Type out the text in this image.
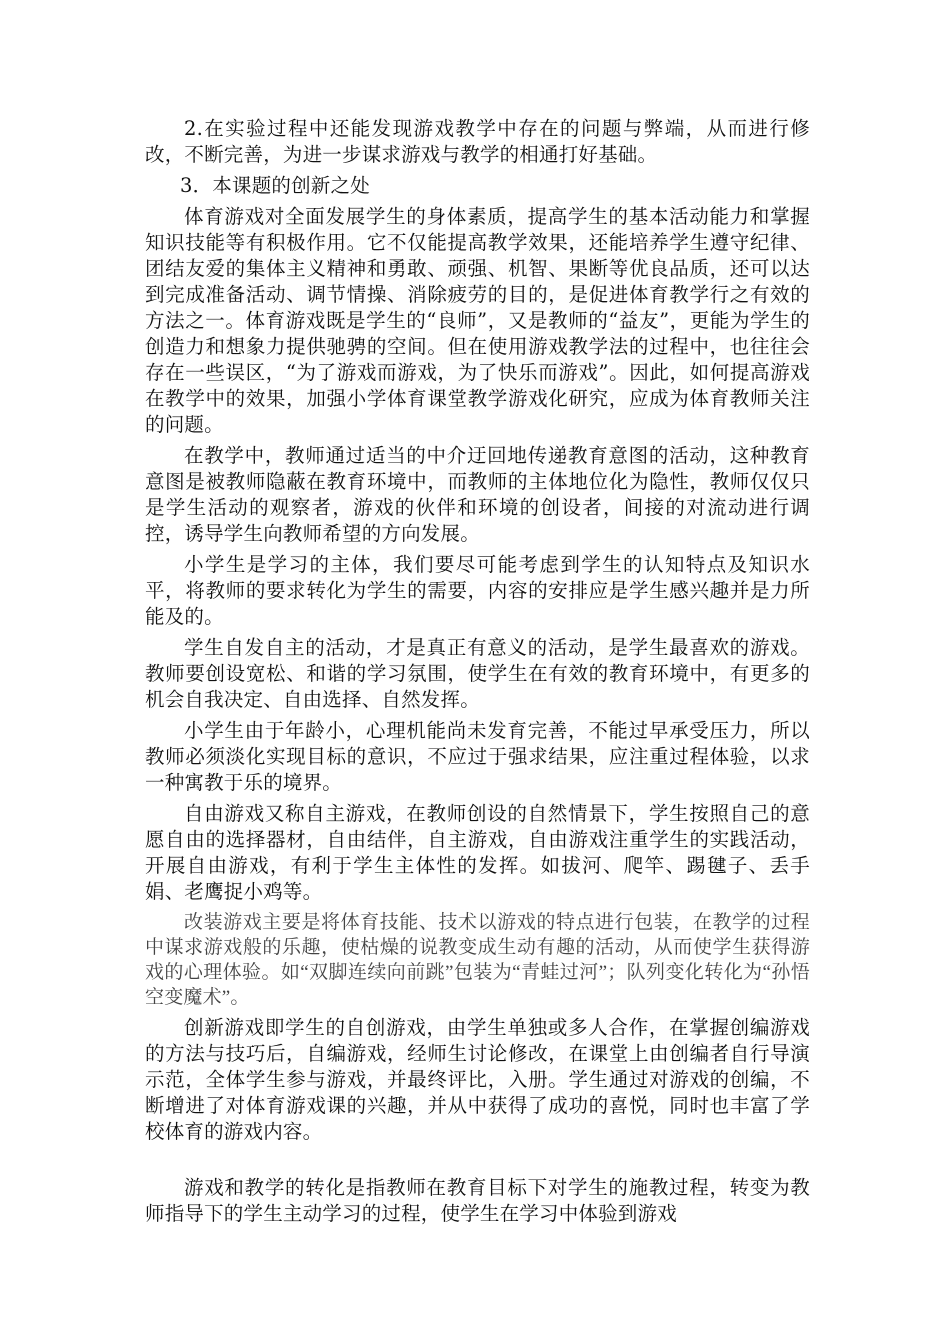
2.在实验过程中还能发现游戏教学中存在的问题与弊端，从而进行修改，不断完善，为进一步谋求游戏与教学的相通打好基础。

3．本课题的创新之处

体育游戏对全面发展学生的身体素质，提高学生的基本活动能力和掌握知识技能等有积极作用。它不仅能提高教学效果，还能培养学生遵守纪律、团结友爱的集体主义精神和勇敢、顽强、机智、果断等优良品质，还可以达到完成准备活动、调节情操、消除疲劳的目的，是促进体育教学行之有效的方法之一。体育游戏既是学生的“良师”，又是教师的“益友”，更能为学生的创造力和想象力提供驰骋的空间。但在使用游戏教学法的过程中，也往往会存在一些误区，“为了游戏而游戏，为了快乐而游戏”。因此，如何提高游戏在教学中的效果，加强小学体育课堂教学游戏化研究，应成为体育教师关注的问题。

在教学中，教师通过适当的中介迂回地传递教育意图的活动，这种教育意图是被教师隐蔽在教育环境中，而教师的主体地位化为隐性，教师仅仅只是学生活动的观察者，游戏的伙伴和环境的创设者，间接的对流动进行调控，诱导学生向教师希望的方向发展。

小学生是学习的主体，我们要尽可能考虑到学生的认知特点及知识水平，将教师的要求转化为学生的需要，内容的安排应是学生感兴趣并是力所能及的。

学生自发自主的活动，才是真正有意义的活动，是学生最喜欢的游戏。教师要创设宽松、和谐的学习氛围，使学生在有效的教育环境中，有更多的机会自我决定、自由选择、自然发挥。

小学生由于年龄小，心理机能尚未发育完善，不能过早承受压力，所以教师必须淡化实现目标的意识，不应过于强求结果，应注重过程体验，以求一种寓教于乐的境界。

自由游戏又称自主游戏，在教师创设的自然情景下，学生按照自己的意愿自由的选择器材，自由结伴，自主游戏，自由游戏注重学生的实践活动，开展自由游戏，有利于学生主体性的发挥。如拔河、爬竿、踢毽子、丢手娟、老鹰捉小鸡等。

改装游戏主要是将体育技能、技术以游戏的特点进行包装，在教学的过程中谋求游戏般的乐趣，使枯燥的说教变成生动有趣的活动，从而使学生获得游戏的心理体验。如“双脚连续向前跳”包装为“青蛙过河”；队列变化转化为“孙悟空变魔术”。

创新游戏即学生的自创游戏，由学生单独或多人合作，在掌握创编游戏的方法与技巧后，自编游戏，经师生讨论修改，在课堂上由创编者自行导演示范，全体学生参与游戏，并最终评比，入册。学生通过对游戏的创编，不断增进了对体育游戏课的兴趣，并从中获得了成功的喜悦，同时也丰富了学校体育的游戏内容。

游戏和教学的转化是指教师在教育目标下对学生的施教过程，转变为教师指导下的学生主动学习的过程，使学生在学习中体验到游戏
